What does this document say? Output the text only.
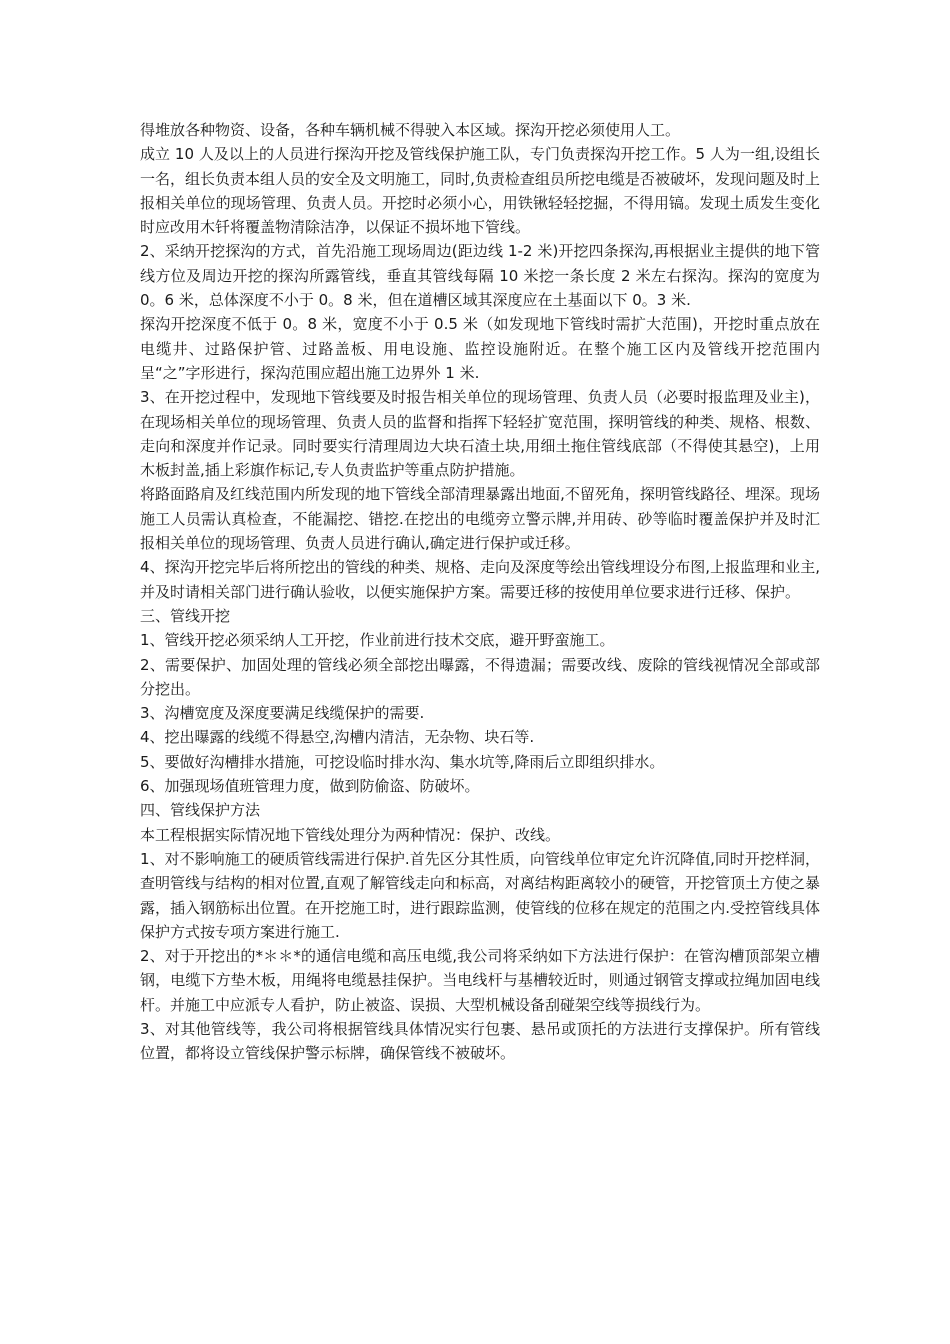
得堆放各种物资、设备，各种车辆机械不得驶入本区域。探沟开挖必须使用人工。

成立 10 人及以上的人员进行探沟开挖及管线保护施工队，专门负责探沟开挖工作。5 人为一组,设组长一名，组长负责本组人员的安全及文明施工，同时,负责检查组员所挖电缆是否被破坏，发现问题及时上报相关单位的现场管理、负责人员。开挖时必须小心，用铁锹轻轻挖掘，不得用镐。发现土质发生变化时应改用木钎将覆盖物清除洁净，以保证不损坏地下管线。

2、采纳开挖探沟的方式，首先沿施工现场周边(距边线 1-2 米)开挖四条探沟,再根据业主提供的地下管线方位及周边开挖的探沟所露管线，垂直其管线每隔 10 米挖一条长度 2 米左右探沟。探沟的宽度为 0。6 米，总体深度不小于 0。8 米，但在道槽区域其深度应在土基面以下 0。3 米.

探沟开挖深度不低于 0。8 米，宽度不小于 0.5 米（如发现地下管线时需扩大范围)，开挖时重点放在电缆井、过路保护管、过路盖板、用电设施、监控设施附近。在整个施工区内及管线开挖范围内呈“之”字形进行，探沟范围应超出施工边界外 1 米.

3、在开挖过程中，发现地下管线要及时报告相关单位的现场管理、负责人员（必要时报监理及业主)，在现场相关单位的现场管理、负责人员的监督和指挥下轻轻扩宽范围，探明管线的种类、规格、根数、走向和深度并作记录。同时要实行清理周边大块石渣土块,用细土拖住管线底部（不得使其悬空)，上用木板封盖,插上彩旗作标记,专人负责监护等重点防护措施。

将路面路肩及红线范围内所发现的地下管线全部清理暴露出地面,不留死角，探明管线路径、埋深。现场施工人员需认真检查，不能漏挖、错挖.在挖出的电缆旁立警示牌,并用砖、砂等临时覆盖保护并及时汇报相关单位的现场管理、负责人员进行确认,确定进行保护或迁移。

4、探沟开挖完毕后将所挖出的管线的种类、规格、走向及深度等绘出管线埋设分布图,上报监理和业主,并及时请相关部门进行确认验收，以便实施保护方案。需要迁移的按使用单位要求进行迁移、保护。

三、管线开挖

1、管线开挖必须采纳人工开挖，作业前进行技术交底，避开野蛮施工。

2、需要保护、加固处理的管线必须全部挖出曝露，不得遗漏；需要改线、废除的管线视情况全部或部分挖出。

3、沟槽宽度及深度要满足线缆保护的需要.

4、挖出曝露的线缆不得悬空,沟槽内清洁，无杂物、块石等.

5、要做好沟槽排水措施，可挖设临时排水沟、集水坑等,降雨后立即组织排水。

6、加强现场值班管理力度，做到防偷盗、防破坏。

四、管线保护方法

本工程根据实际情况地下管线处理分为两种情况：保护、改线。

1、对不影响施工的硬质管线需进行保护.首先区分其性质，向管线单位审定允许沉降值,同时开挖样洞，查明管线与结构的相对位置,直观了解管线走向和标高，对离结构距离较小的硬管，开挖管顶土方使之暴露，插入钢筋标出位置。在开挖施工时，进行跟踪监测，使管线的位移在规定的范围之内.受控管线具体保护方式按专项方案进行施工.

2、对于开挖出的*＊＊*的通信电缆和高压电缆,我公司将采纳如下方法进行保护：在管沟槽顶部架立槽钢，电缆下方垫木板，用绳将电缆悬挂保护。当电线杆与基槽较近时，则通过钢管支撑或拉绳加固电线杆。并施工中应派专人看护，防止被盗、误损、大型机械设备刮碰架空线等损线行为。

3、对其他管线等，我公司将根据管线具体情况实行包裹、悬吊或顶托的方法进行支撑保护。所有管线位置，都将设立管线保护警示标牌，确保管线不被破坏。
